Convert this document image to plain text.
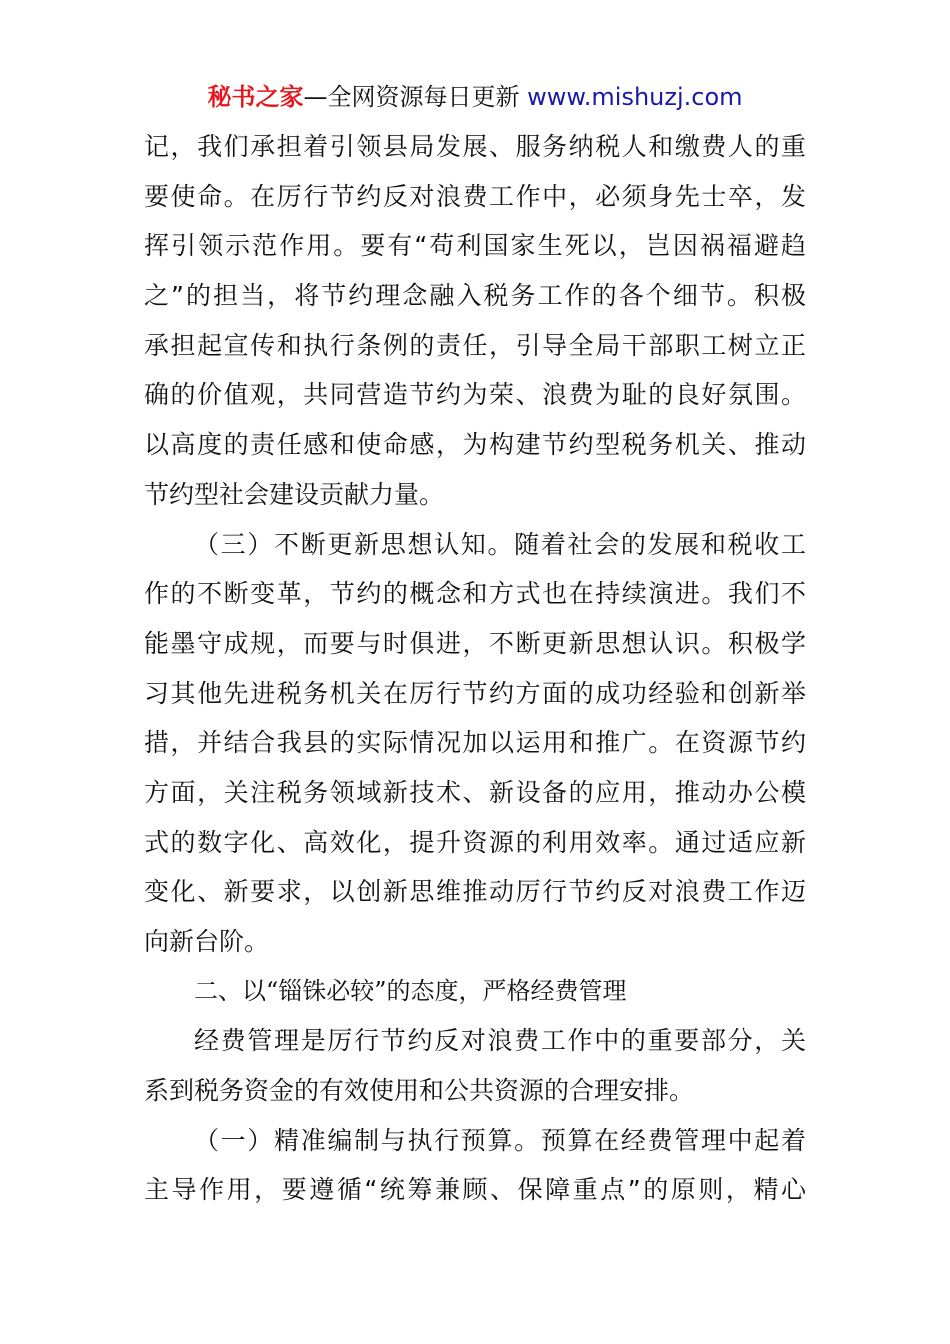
秘书之家—全网资源每日更新 www.mishuzj.com
记，我们承担着引领县局发展、服务纳税人和缴费人的重
要使命。在厉行节约反对浪费工作中，必须身先士卒，发
挥引领示范作用。要有“苟利国家生死以，岂因祸福避趋
之”的担当，将节约理念融入税务工作的各个细节。积极
承担起宣传和执行条例的责任，引导全局干部职工树立正
确的价值观，共同营造节约为荣、浪费为耻的良好氛围。
以高度的责任感和使命感，为构建节约型税务机关、推动
节约型社会建设贡献力量。
（三）不断更新思想认知。随着社会的发展和税收工
作的不断变革，节约的概念和方式也在持续演进。我们不
能墨守成规，而要与时俱进，不断更新思想认识。积极学
习其他先进税务机关在厉行节约方面的成功经验和创新举
措，并结合我县的实际情况加以运用和推广。在资源节约
方面，关注税务领域新技术、新设备的应用，推动办公模
式的数字化、高效化，提升资源的利用效率。通过适应新
变化、新要求，以创新思维推动厉行节约反对浪费工作迈
向新台阶。
二、以“锱铢必较”的态度，严格经费管理
经费管理是厉行节约反对浪费工作中的重要部分，关
系到税务资金的有效使用和公共资源的合理安排。
（一）精准编制与执行预算。预算在经费管理中起着
主导作用，要遵循“统筹兼顾、保障重点”的原则，精心
